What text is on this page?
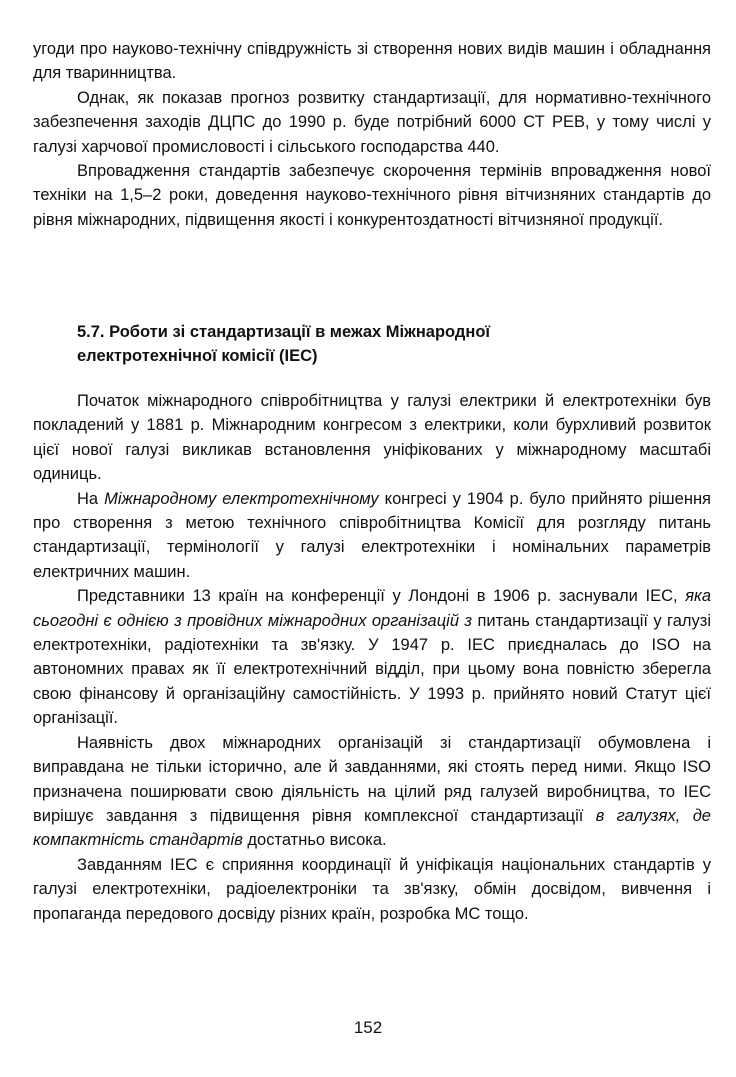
угоди про науково-технічну співдружність зі створення нових видів машин і обладнання для тваринництва.

Однак, як показав прогноз розвитку стандартизації, для нормативно-технічного забезпечення заходів ДЦПС до 1990 р. буде потрібний 6000 СТ РЕВ, у тому числі у галузі харчової промисловості і сільського господарства 440.

Впровадження стандартів забезпечує скорочення термінів впровадження нової техніки на 1,5–2 роки, доведення науково-технічного рівня вітчизняних стандартів до рівня міжнародних, підвищення якості і конкурентоздатності вітчизняної продукції.

5.7. Роботи зі стандартизації в межах Міжнародної
електротехнічної комісії (IEC)

Початок міжнародного співробітництва у галузі електрики й електротехніки був покладений у 1881 р. Міжнародним конгресом з електрики, коли бурхливий розвиток цієї нової галузі викликав встановлення уніфікованих у міжнародному масштабі одиниць.

На Міжнародному електротехнічному конгресі у 1904 р. було прийнято рішення про створення з метою технічного співробітництва Комісії для розгляду питань стандартизації, термінології у галузі електротехніки і номінальних параметрів електричних машин.

Представники 13 країн на конференції у Лондоні в 1906 р. заснували IEC, яка сьогодні є однією з провідних міжнародних організацій з питань стандартизації у галузі електротехніки, радіотехніки та зв'язку. У 1947 р. IEC приєдналась до ISO на автономних правах як її електротехнічний відділ, при цьому вона повністю зберегла свою фінансову й організаційну самостійність. У 1993 р. прийнято новий Статут цієї організації.

Наявність двох міжнародних організацій зі стандартизації обумовлена і виправдана не тільки історично, але й завданнями, які стоять перед ними. Якщо ISO призначена поширювати свою діяльність на цілий ряд галузей виробництва, то IEC вирішує завдання з підвищення рівня комплексної стандартизації в галузях, де компактність стандартів достатньо висока.

Завданням IEC є сприяння координації й уніфікація національних стандартів у галузі електротехніки, радіоелектроніки та зв'язку, обмін досвідом, вивчення і пропаганда передового досвіду різних країн, розробка МС тощо.

152
